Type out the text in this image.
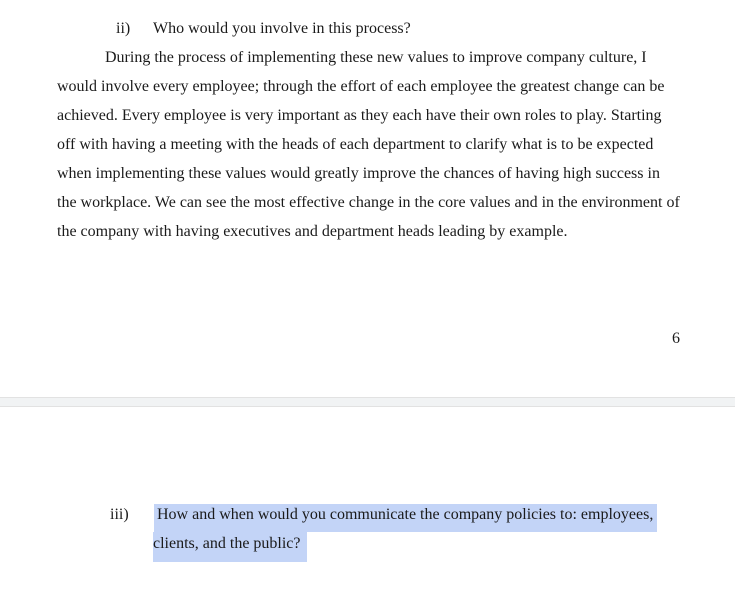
ii) Who would you involve in this process?

During the process of implementing these new values to improve company culture, I

would involve every employee; through the effort of each employee the greatest change can be

achieved. Every employee is very important as they each have their own roles to play. Starting

off with having a meeting with the heads of each department to clarify what is to be expected

when implementing these values would greatly improve the chances of having high success in

the workplace. We can see the most effective change in the core values and in the environment of

the company with having executives and department heads leading by example.

6
iii) How and when would you communicate the company policies to: employees,

clients, and the public?
